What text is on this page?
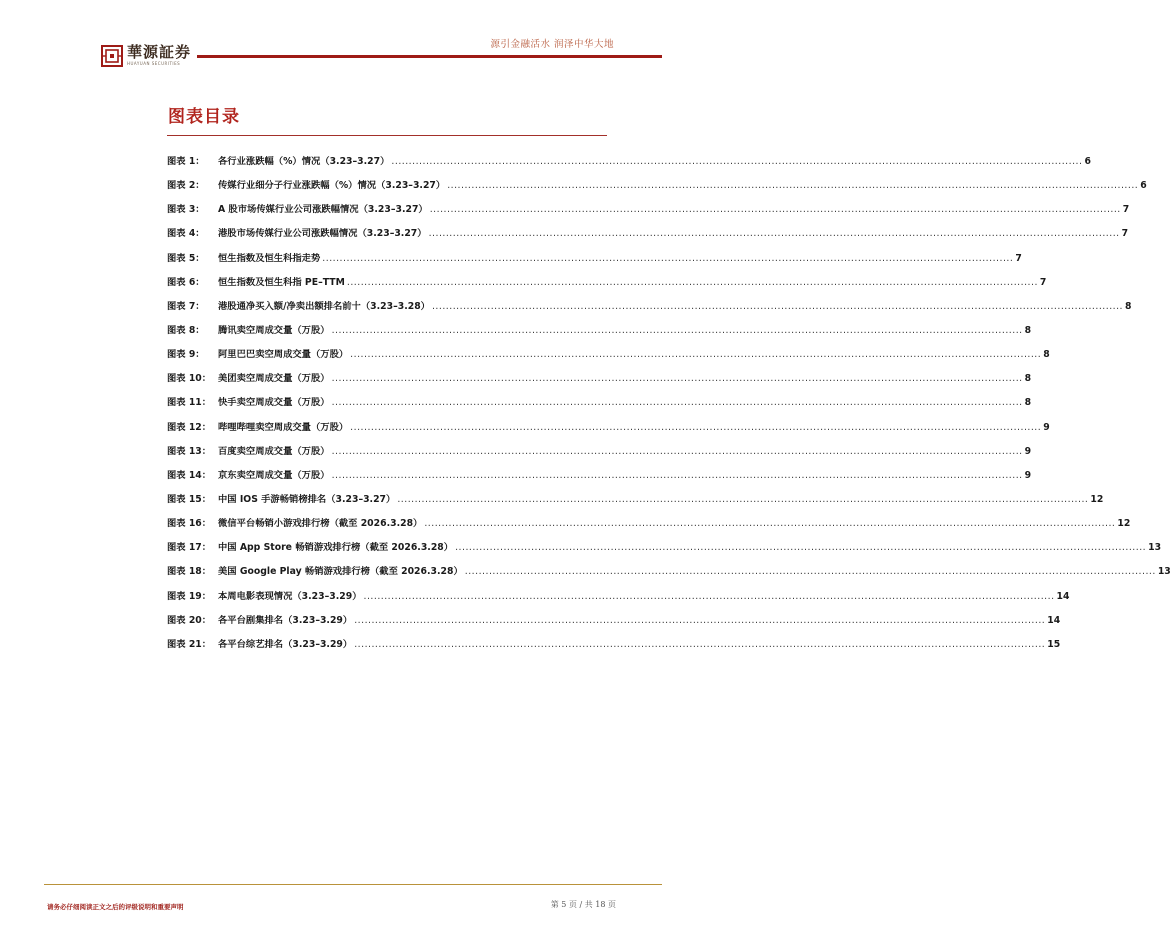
華源証券
HUAYUAN SECURITIES
源引金融活水 润泽中华大地
图表目录
图表 1：	各行业涨跌幅（%）情况（3.23–3.27） .....	6
图表 2：	传媒行业细分子行业涨跌幅（%）情况（3.23–3.27） .....	6
图表 3：	A 股市场传媒行业公司涨跌幅情况（3.23–3.27） .....	7
图表 4：	港股市场传媒行业公司涨跌幅情况（3.23–3.27） .....	7
图表 5：	恒生指数及恒生科指走势 .....	7
图表 6：	恒生指数及恒生科指 PE–TTM .....	7
图表 7：	港股通净买入额/净卖出额排名前十（3.23–3.28） .....	8
图表 8：	腾讯卖空周成交量（万股） .....	8
图表 9：	阿里巴巴卖空周成交量（万股） .....	8
图表 10： 美团卖空周成交量（万股） .....	8
图表 11： 快手卖空周成交量（万股） .....	8
图表 12： 哔哩哔哩卖空周成交量（万股） .....	9
图表 13： 百度卖空周成交量（万股） .....	9
图表 14： 京东卖空周成交量（万股） .....	9
图表 15： 中国 IOS 手游畅销榜排名（3.23–3.27） .....	12
图表 16： 微信平台畅销小游戏排行榜（截至 2026.3.28） .....	12
图表 17： 中国 App Store 畅销游戏排行榜（截至 2026.3.28） .....	13
图表 18： 美国 Google Play 畅销游戏排行榜（截至 2026.3.28） .....	13
图表 19： 本周电影表现情况（3.23–3.29） .....	14
图表 20： 各平台剧集排名（3.23–3.29） .....	14
图表 21： 各平台综艺排名（3.23–3.29） .....	15
请务必仔细阅读正文之后的评级说明和重要声明	第 5 页 / 共 18 页
